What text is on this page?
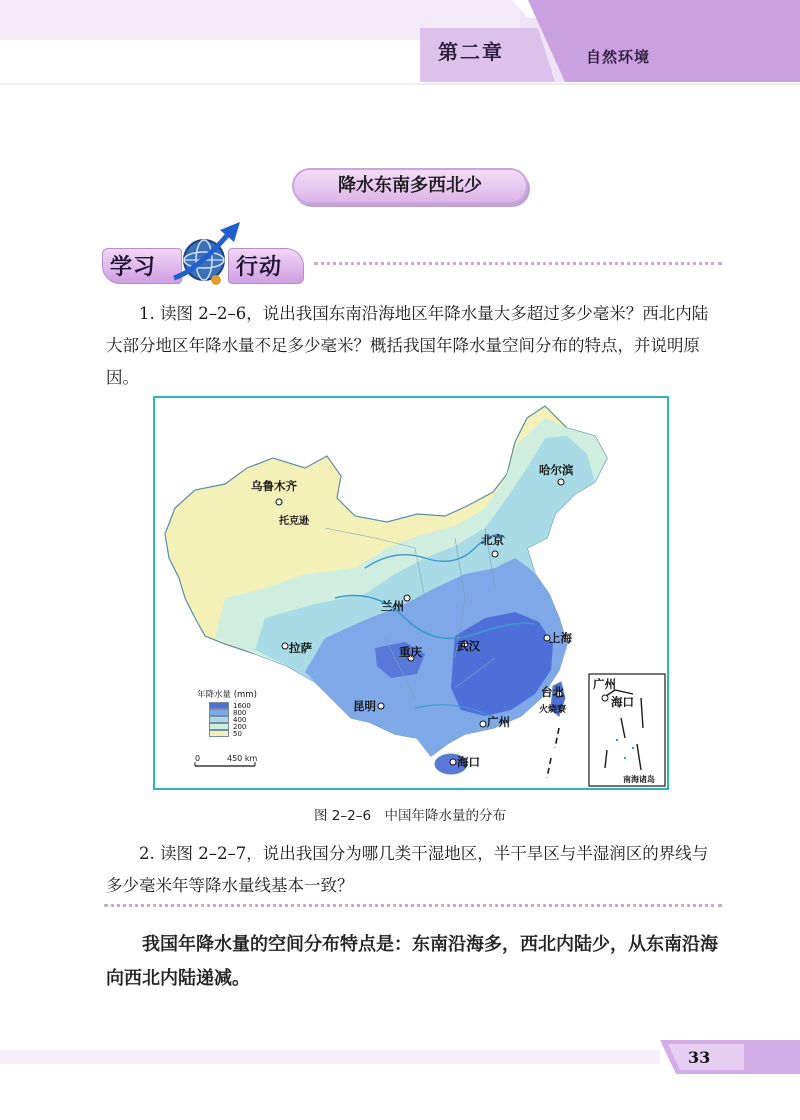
第二章	自然环境
降水东南多西北少
学习	行动
1. 读图 2–2–6，说出我国东南沿海地区年降水量大多超过多少毫米？西北内陆大部分地区年降水量不足多少毫米？概括我国年降水量空间分布的特点，并说明原因。
乌鲁木齐
托克逊
哈尔滨
北京
兰州
上海
武汉
重庆
拉萨
昆明
广州
台北
火烧寮
海口
广州
海口
年降水量 (mm)
1600
800
400
200
50
0	450 km
南海诸岛
图 2–2–6　中国年降水量的分布
2. 读图 2–2–7，说出我国分为哪几类干湿地区，半干旱区与半湿润区的界线与多少毫米年等降水量线基本一致？
我国年降水量的空间分布特点是：东南沿海多，西北内陆少，从东南沿海向西北内陆递减。
33
